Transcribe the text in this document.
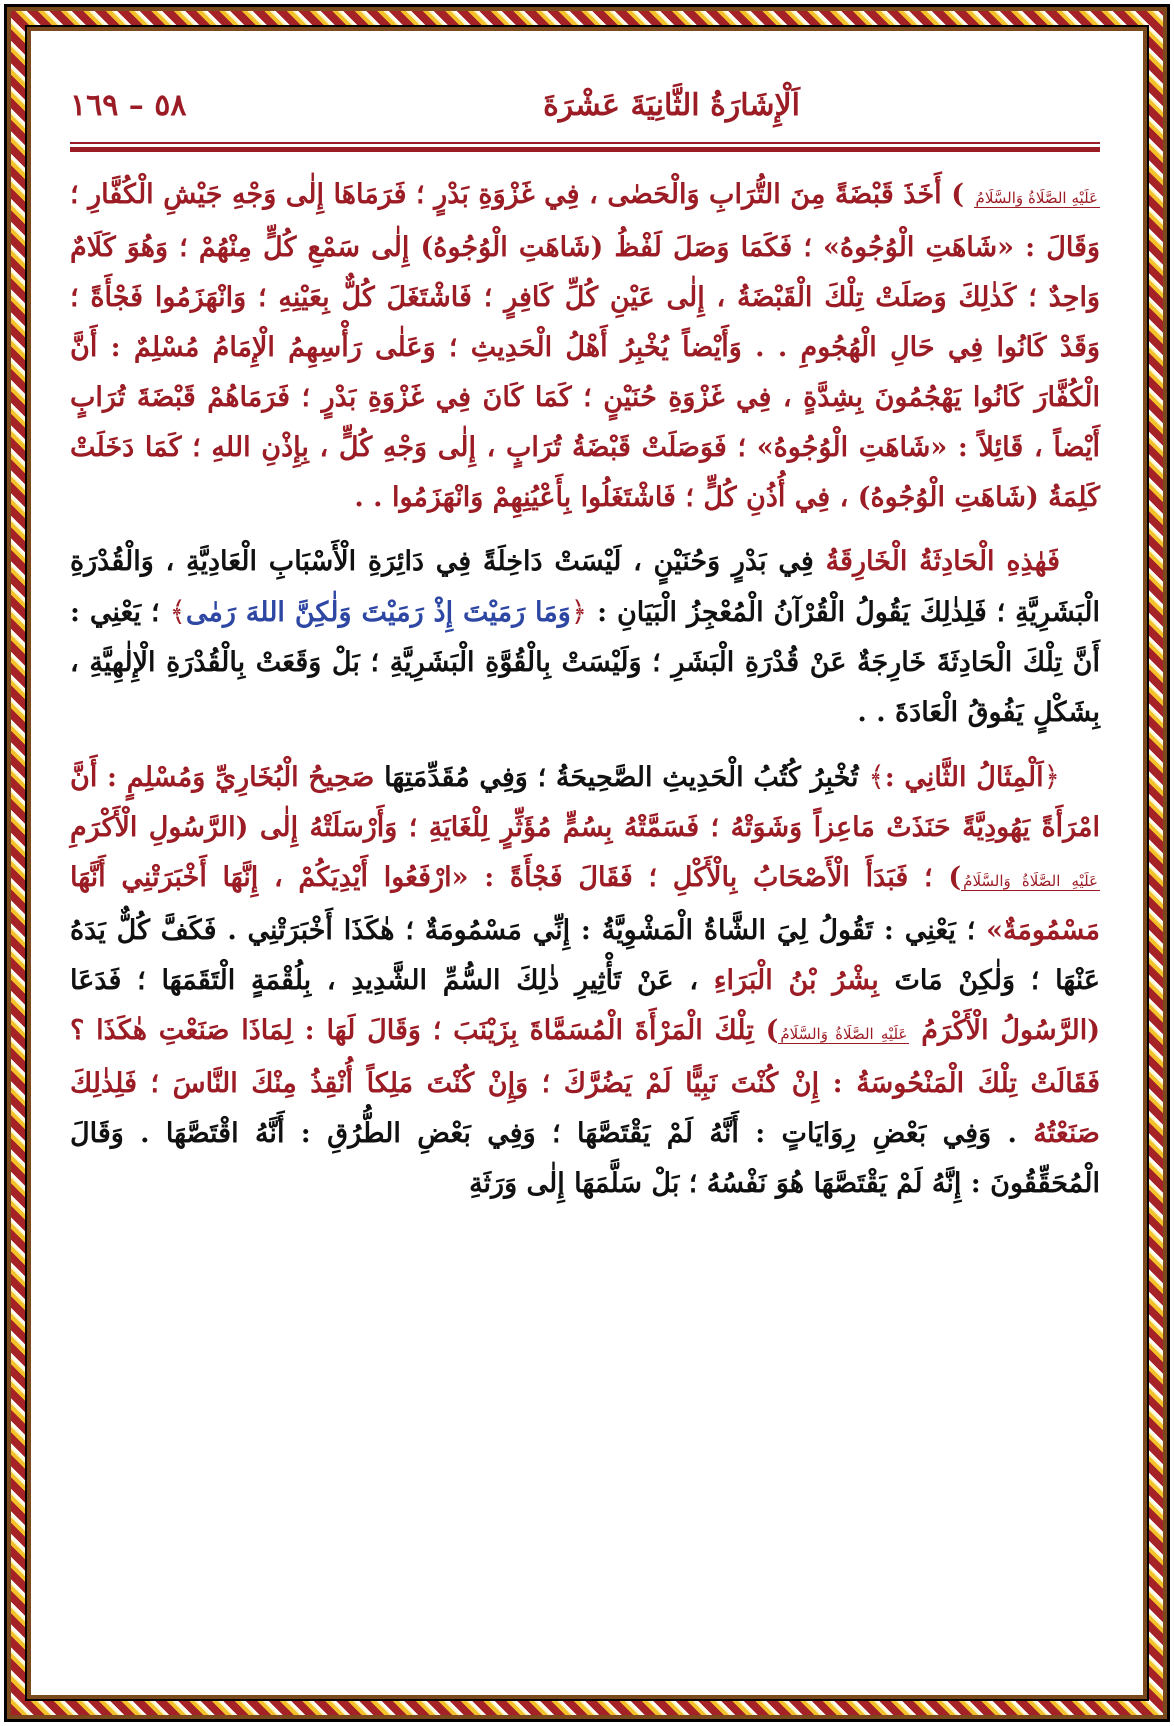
اَلْإِشَارَةُ الثَّانِيَةَ عَشْرَةَ
٥٨ – ١٦٩

عَلَيْهِ الصَّلَاةُ وَالسَّلَامُ ) أَخَذَ قَبْضَةً مِنَ التُّرَابِ وَالْحَصٰى ، فِي غَزْوَةِ بَدْرٍ ؛ فَرَمَاهَا إِلٰى وَجْهِ جَيْشِ الْكُفَّارِ ؛ وَقَالَ : «شَاهَتِ الْوُجُوهُ» ؛ فَكَمَا وَصَلَ لَفْظُ (شَاهَتِ الْوُجُوهُ) إِلٰى سَمْعِ كُلٍّ مِنْهُمْ ؛ وَهُوَ كَلَامٌ وَاحِدٌ ؛ كَذٰلِكَ وَصَلَتْ تِلْكَ الْقَبْضَةُ ، إِلٰى عَيْنِ كُلِّ كَافِرٍ ؛ فَاشْتَغَلَ كُلٌّ بِعَيْنِهِ ؛ وَانْهَزَمُوا فَجْأَةً ؛ وَقَدْ كَانُوا فِي حَالِ الْهُجُومِ . . وَأَيْضاً يُخْبِرُ أَهْلُ الْحَدِيثِ ؛ وَعَلٰى رَأْسِهِمُ الْإِمَامُ مُسْلِمٌ : أَنَّ الْكُفَّارَ كَانُوا يَهْجُمُونَ بِشِدَّةٍ ، فِي غَزْوَةِ حُنَيْنٍ ؛ كَمَا كَانَ فِي غَزْوَةِ بَدْرٍ ؛ فَرَمَاهُمْ قَبْضَةَ تُرَابٍ أَيْضاً ، قَائِلاً : «شَاهَتِ الْوُجُوهُ» ؛ فَوَصَلَتْ قَبْضَةُ تُرَابٍ ، إِلٰى وَجْهِ كُلٍّ ، بِإِذْنِ اللهِ ؛ كَمَا دَخَلَتْ كَلِمَةُ (شَاهَتِ الْوُجُوهُ) ، فِي أُذُنِ كُلٍّ ؛ فَاشْتَغَلُوا بِأَعْيُنِهِمْ وَانْهَزَمُوا . .

فَهٰذِهِ الْحَادِثَةُ الْخَارِقَةُ فِي بَدْرٍ وَحُنَيْنٍ ، لَيْسَتْ دَاخِلَةً فِي دَائِرَةِ الْأَسْبَابِ الْعَادِيَّةِ ، وَالْقُدْرَةِ الْبَشَرِيَّةِ ؛ فَلِذٰلِكَ يَقُولُ الْقُرْآنُ الْمُعْجِزُ الْبَيَانِ : ﴿وَمَا رَمَيْتَ إِذْ رَمَيْتَ وَلٰكِنَّ اللهَ رَمٰى﴾ ؛ يَعْنِي : أَنَّ تِلْكَ الْحَادِثَةَ خَارِجَةٌ عَنْ قُدْرَةِ الْبَشَرِ ؛ وَلَيْسَتْ بِالْقُوَّةِ الْبَشَرِيَّةِ ؛ بَلْ وَقَعَتْ بِالْقُدْرَةِ الْإِلٰهِيَّةِ ، بِشَكْلٍ يَفُوقُ الْعَادَةَ . .

﴿اَلْمِثَالُ الثَّانِي :﴾ تُخْبِرُ كُتُبُ الْحَدِيثِ الصَّحِيحَةُ ؛ وَفِي مُقَدِّمَتِهَا صَحِيحُ الْبُخَارِيِّ وَمُسْلِمٍ : أَنَّ امْرَأَةً يَهُودِيَّةً حَنَذَتْ مَاعِزاً وَشَوَتْهُ ؛ فَسَمَّتْهُ بِسُمٍّ مُؤَثِّرٍ لِلْغَايَةِ ؛ وَأَرْسَلَتْهُ إِلٰى (الرَّسُولِ الْأَكْرَمِ عَلَيْهِ الصَّلَاةُ وَالسَّلَامُ) ؛ فَبَدَأَ الْأَصْحَابُ بِالْأَكْلِ ؛ فَقَالَ فَجْأَةً : «ارْفَعُوا أَيْدِيَكُمْ ، إِنَّهَا أَخْبَرَتْنِي أَنَّهَا مَسْمُومَةٌ» ؛ يَعْنِي : تَقُولُ لِيَ الشَّاةُ الْمَشْوِيَّةُ : إِنِّي مَسْمُومَةٌ ؛ هٰكَذَا أَخْبَرَتْنِي . فَكَفَّ كُلٌّ يَدَهُ عَنْهَا ؛ وَلٰكِنْ مَاتَ بِشْرُ بْنُ الْبَرَاءِ ، عَنْ تَأْثِيرِ ذٰلِكَ السُّمِّ الشَّدِيدِ ، بِلُقْمَةٍ الْتَقَمَهَا ؛ فَدَعَا (الرَّسُولُ الْأَكْرَمُ عَلَيْهِ الصَّلَاةُ وَالسَّلَامُ) تِلْكَ الْمَرْأَةَ الْمُسَمَّاةَ بِزَيْنَبَ ؛ وَقَالَ لَهَا : لِمَاذَا صَنَعْتِ هٰكَذَا ؟ فَقَالَتْ تِلْكَ الْمَنْحُوسَةُ : إِنْ كُنْتَ نَبِيًّا لَمْ يَضُرَّكَ ؛ وَإِنْ كُنْتَ مَلِكاً أُنْقِذُ مِنْكَ النَّاسَ ؛ فَلِذٰلِكَ صَنَعْتُهُ . وَفِي بَعْضِ رِوَايَاتٍ : أَنَّهُ لَمْ يَقْتَصَّهَا ؛ وَفِي بَعْضِ الطُّرُقِ : أَنَّهُ اقْتَصَّهَا . وَقَالَ الْمُحَقِّقُونَ : إِنَّهُ لَمْ يَقْتَصَّهَا هُوَ نَفْسُهُ ؛ بَلْ سَلَّمَهَا إِلٰى وَرَثَةِ
